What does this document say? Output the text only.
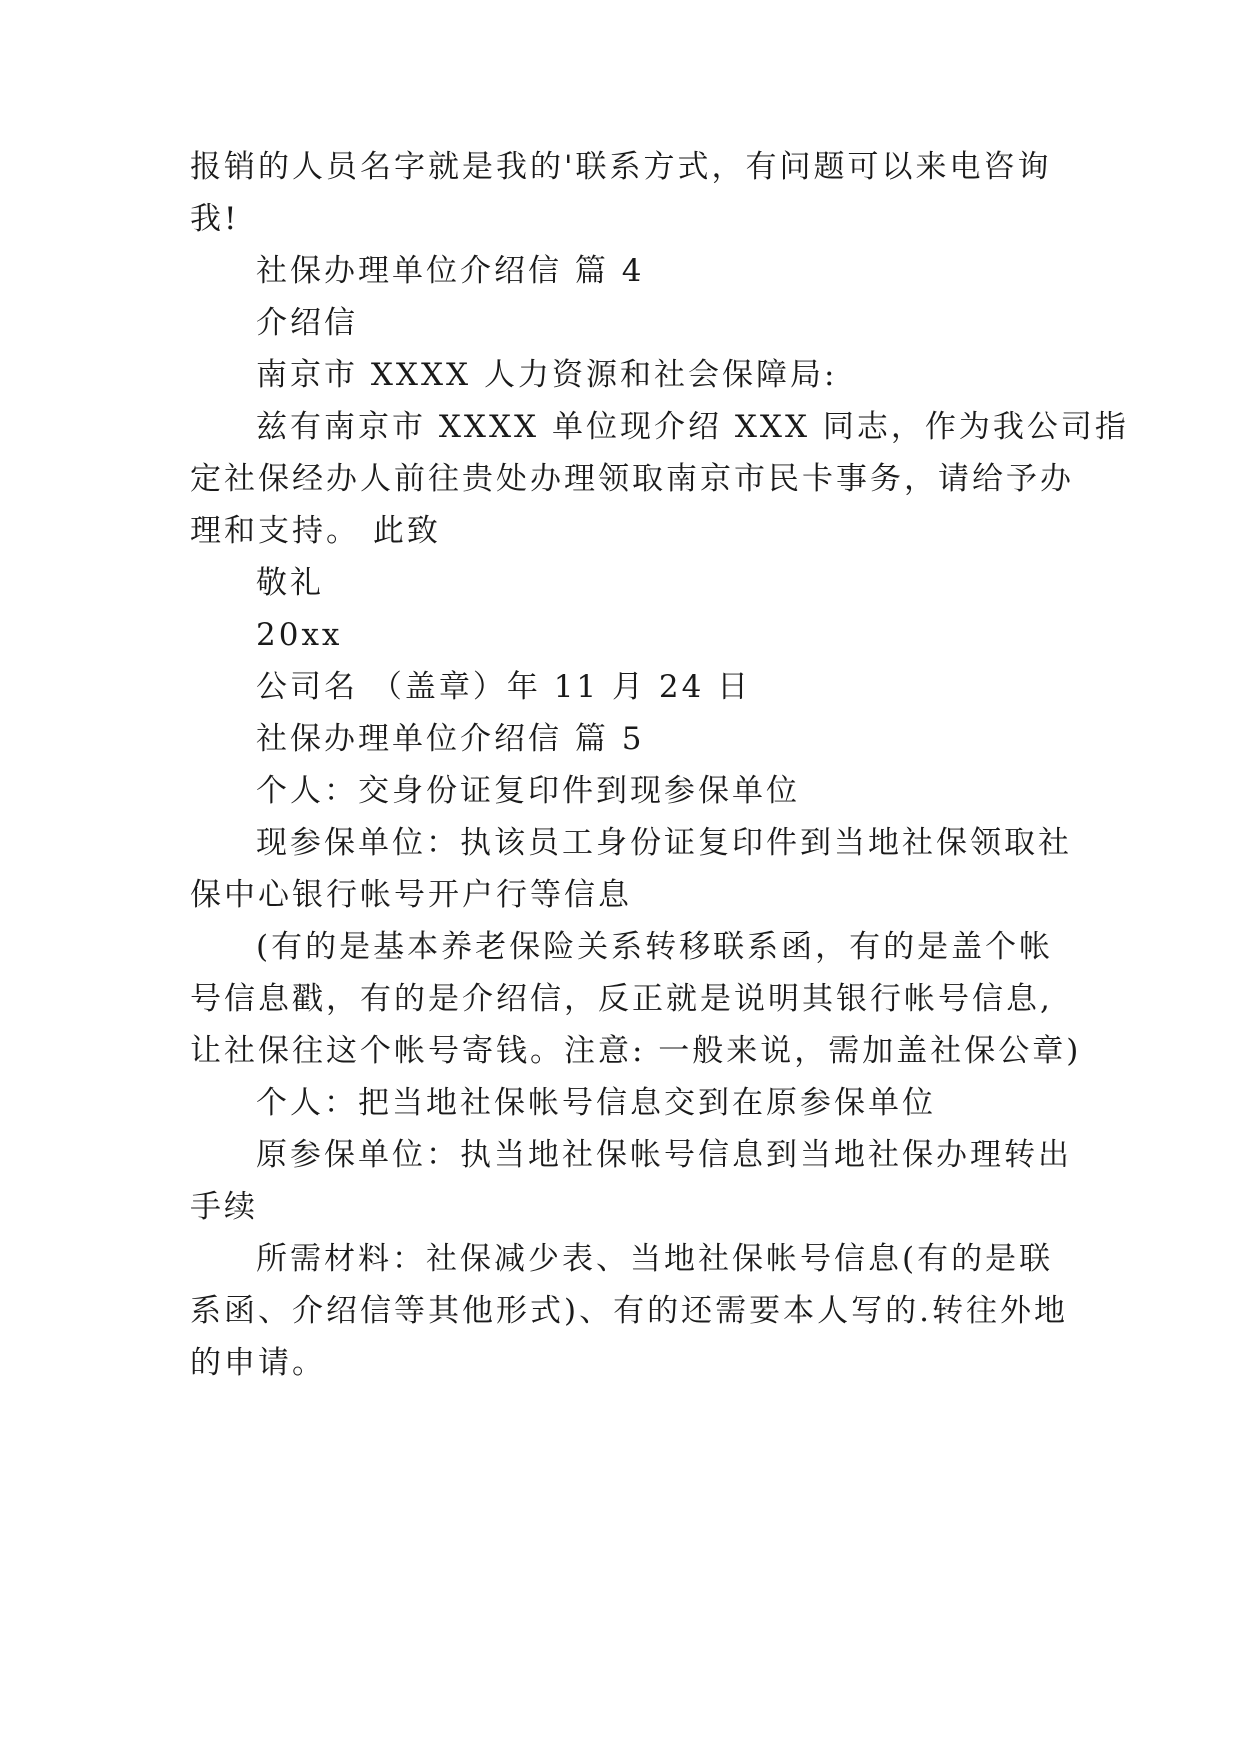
报销的人员名字就是我的'联系方式，有问题可以来电咨询
我!
社保办理单位介绍信 篇 4
介绍信
南京市 XXXX 人力资源和社会保障局:
兹有南京市 XXXX 单位现介绍 XXX 同志，作为我公司指
定社保经办人前往贵处办理领取南京市民卡事务，请给予办
理和支持。 此致
敬礼
20xx
公司名 （盖章）年 11 月 24 日
社保办理单位介绍信 篇 5
个人：交身份证复印件到现参保单位
现参保单位：执该员工身份证复印件到当地社保领取社
保中心银行帐号开户行等信息
(有的是基本养老保险关系转移联系函，有的是盖个帐
号信息戳，有的是介绍信，反正就是说明其银行帐号信息,
让社保往这个帐号寄钱。注意: 一般来说，需加盖社保公章)
个人：把当地社保帐号信息交到在原参保单位
原参保单位：执当地社保帐号信息到当地社保办理转出
手续
所需材料：社保减少表、当地社保帐号信息(有的是联
系函、介绍信等其他形式)、有的还需要本人写的.转往外地
的申请。
